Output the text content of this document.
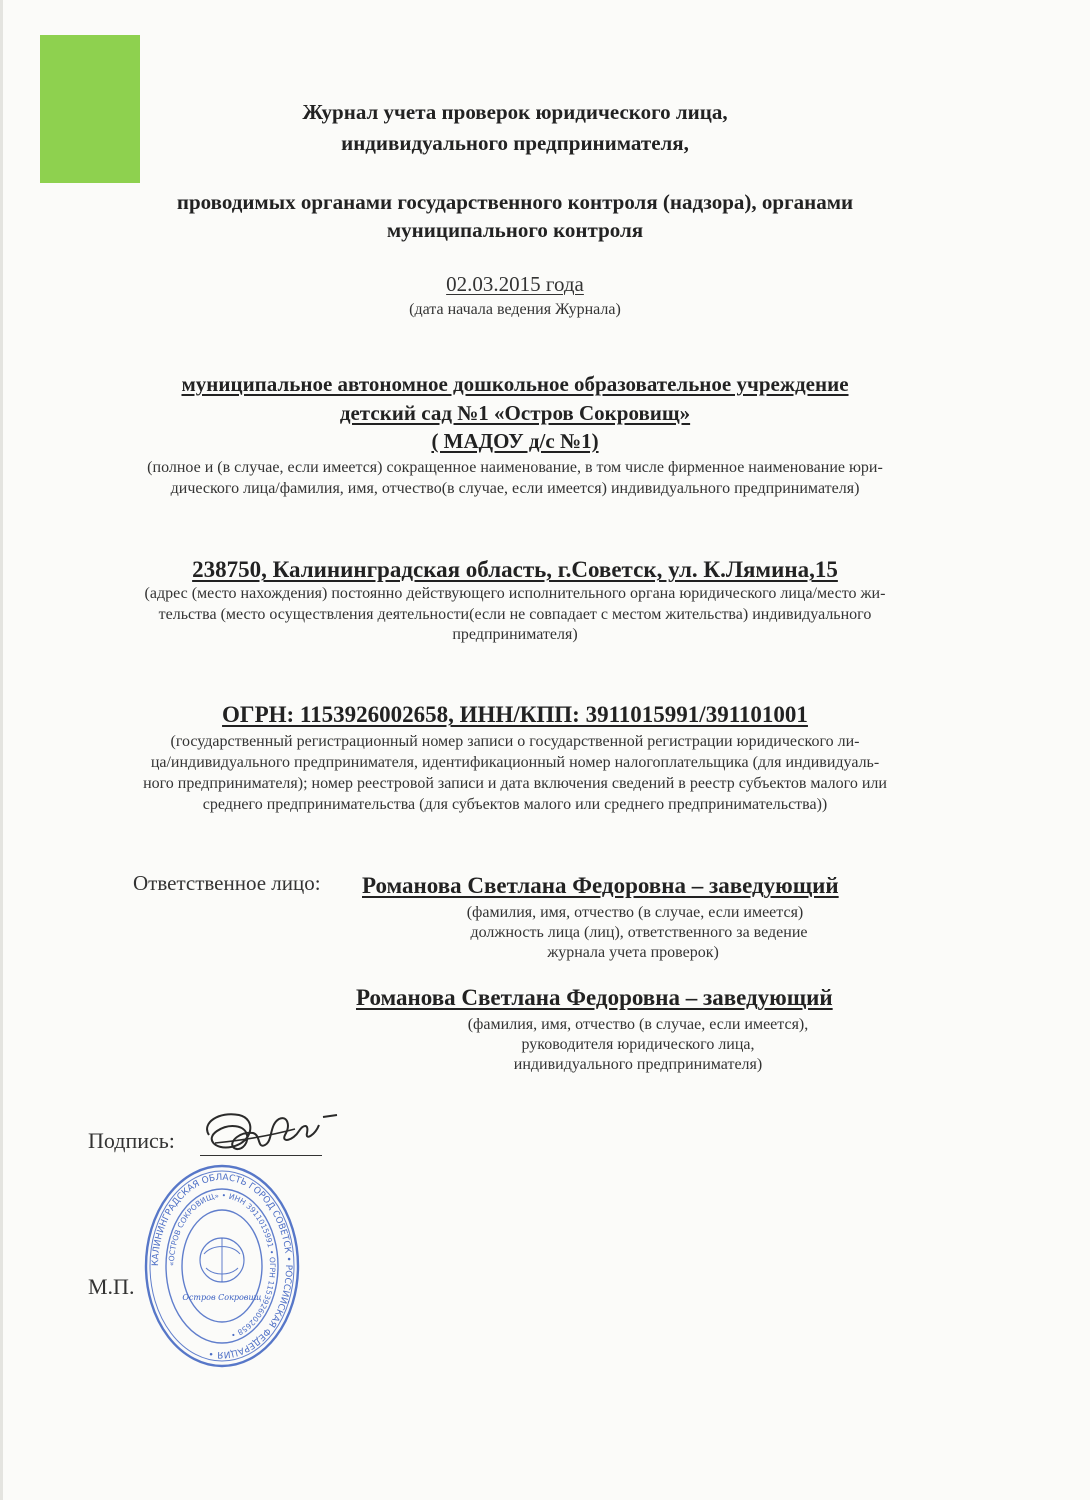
Журнал учета проверок юридического лица,
индивидуального предпринимателя,
проводимых органами государственного контроля (надзора), органами
муниципального контроля
02.03.2015 года
(дата начала ведения Журнала)
муниципальное автономное дошкольное образовательное учреждение
детский сад №1 «Остров Сокровищ»
( МАДОУ д/с №1)
(полное и (в случае, если имеется) сокращенное наименование, в том числе фирменное наименование юри-
дического лица/фамилия, имя, отчество(в случае, если имеется) индивидуального предпринимателя)
238750, Калининградская область, г.Советск, ул. К.Лямина,15
(адрес (место нахождения) постоянно действующего исполнительного органа юридического лица/место жи-
тельства (место осуществления деятельности(если не совпадает с местом жительства) индивидуального
предпринимателя)
ОГРН: 1153926002658, ИНН/КПП: 3911015991/391101001
(государственный регистрационный номер записи о государственной регистрации юридического ли-
ца/индивидуального предпринимателя, идентификационный номер налогоплательщика (для индивидуаль-
ного предпринимателя); номер реестровой записи и дата включения сведений в реестр субъектов малого или
среднего предпринимательства (для субъектов малого или среднего предпринимательства))
Ответственное лицо: Романова Светлана Федоровна – заведующий
(фамилия, имя, отчество (в случае, если имеется)
должность лица (лиц), ответственного за ведение
журнала учета проверок)
Романова Светлана Федоровна – заведующий
(фамилия, имя, отчество (в случае, если имеется),
руководителя юридического лица,
индивидуального предпринимателя)
Подпись:
КАЛИНИНГРАДСКАЯ ОБЛАСТЬ ГОРОД СОВЕТСК • РОССИЙСКАЯ ФЕДЕРАЦИЯ •
«ОСТРОВ СОКРОВИЩ» • ИНН 3911015991 • ОГРН 1153926002658 •
Остров Сокровищ
М.П.
